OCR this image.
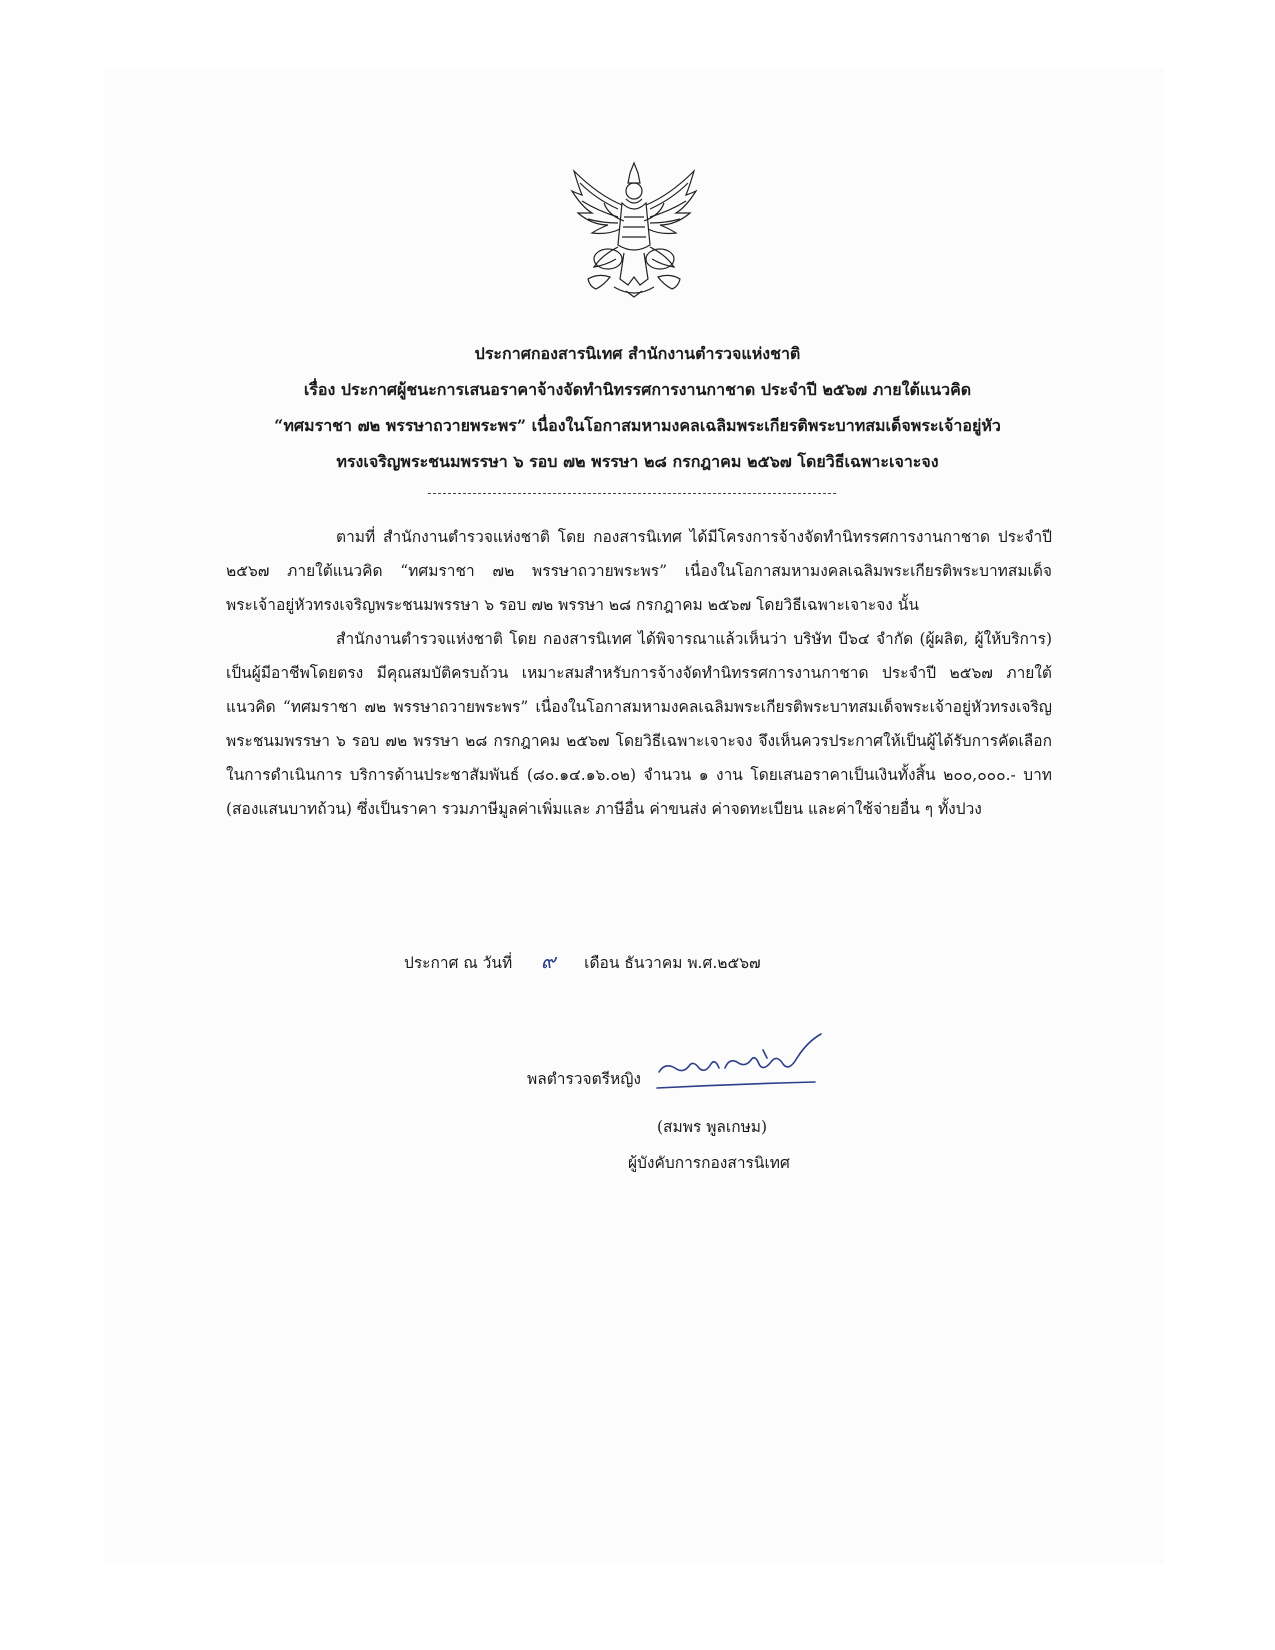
ประกาศกองสารนิเทศ สำนักงานตำรวจแห่งชาติ
เรื่อง ประกาศผู้ชนะการเสนอราคาจ้างจัดทำนิทรรศการงานกาชาด ประจำปี ๒๕๖๗ ภายใต้แนวคิด
“ทศมราชา ๗๒ พรรษาถวายพระพร” เนื่องในโอกาสมหามงคลเฉลิมพระเกียรติพระบาทสมเด็จพระเจ้าอยู่หัว
ทรงเจริญพระชนมพรรษา ๖ รอบ ๗๒ พรรษา ๒๘ กรกฎาคม ๒๕๖๗ โดยวิธีเฉพาะเจาะจง

ตามที่ สำนักงานตำรวจแห่งชาติ โดย กองสารนิเทศ ได้มีโครงการจ้างจัดทำนิทรรศการงานกาชาด ประจำปี ๒๕๖๗ ภายใต้แนวคิด “ทศมราชา ๗๒ พรรษาถวายพระพร” เนื่องในโอกาสมหามงคลเฉลิมพระเกียรติพระบาทสมเด็จพระเจ้าอยู่หัวทรงเจริญพระชนมพรรษา ๖ รอบ ๗๒ พรรษา ๒๘ กรกฎาคม ๒๕๖๗ โดยวิธีเฉพาะเจาะจง นั้น

สำนักงานตำรวจแห่งชาติ โดย กองสารนิเทศ ได้พิจารณาแล้วเห็นว่า บริษัท บี๖๔ จำกัด (ผู้ผลิต, ผู้ให้บริการ) เป็นผู้มีอาชีพโดยตรง มีคุณสมบัติครบถ้วน เหมาะสมสำหรับการจ้างจัดทำนิทรรศการงานกาชาด ประจำปี ๒๕๖๗ ภายใต้แนวคิด “ทศมราชา ๗๒ พรรษาถวายพระพร” เนื่องในโอกาสมหามงคลเฉลิมพระเกียรติพระบาทสมเด็จพระเจ้าอยู่หัวทรงเจริญพระชนมพรรษา ๖ รอบ ๗๒ พรรษา ๒๘ กรกฎาคม ๒๕๖๗ โดยวิธีเฉพาะเจาะจง จึงเห็นควรประกาศให้เป็นผู้ได้รับการคัดเลือกในการดำเนินการ บริการด้านประชาสัมพันธ์ (๘๐.๑๔.๑๖.๐๒) จำนวน ๑ งาน โดยเสนอราคาเป็นเงินทั้งสิ้น ๒๐๐,๐๐๐.- บาท (สองแสนบาทถ้วน) ซึ่งเป็นราคา รวมภาษีมูลค่าเพิ่มและ ภาษีอื่น ค่าขนส่ง ค่าจดทะเบียน และค่าใช้จ่ายอื่น ๆ ทั้งปวง

ประกาศ ณ วันที่ ๙ เดือน ธันวาคม พ.ศ.๒๕๖๗
พลตำรวจตรีหญิง
(สมพร พูลเกษม)
ผู้บังคับการกองสารนิเทศ
